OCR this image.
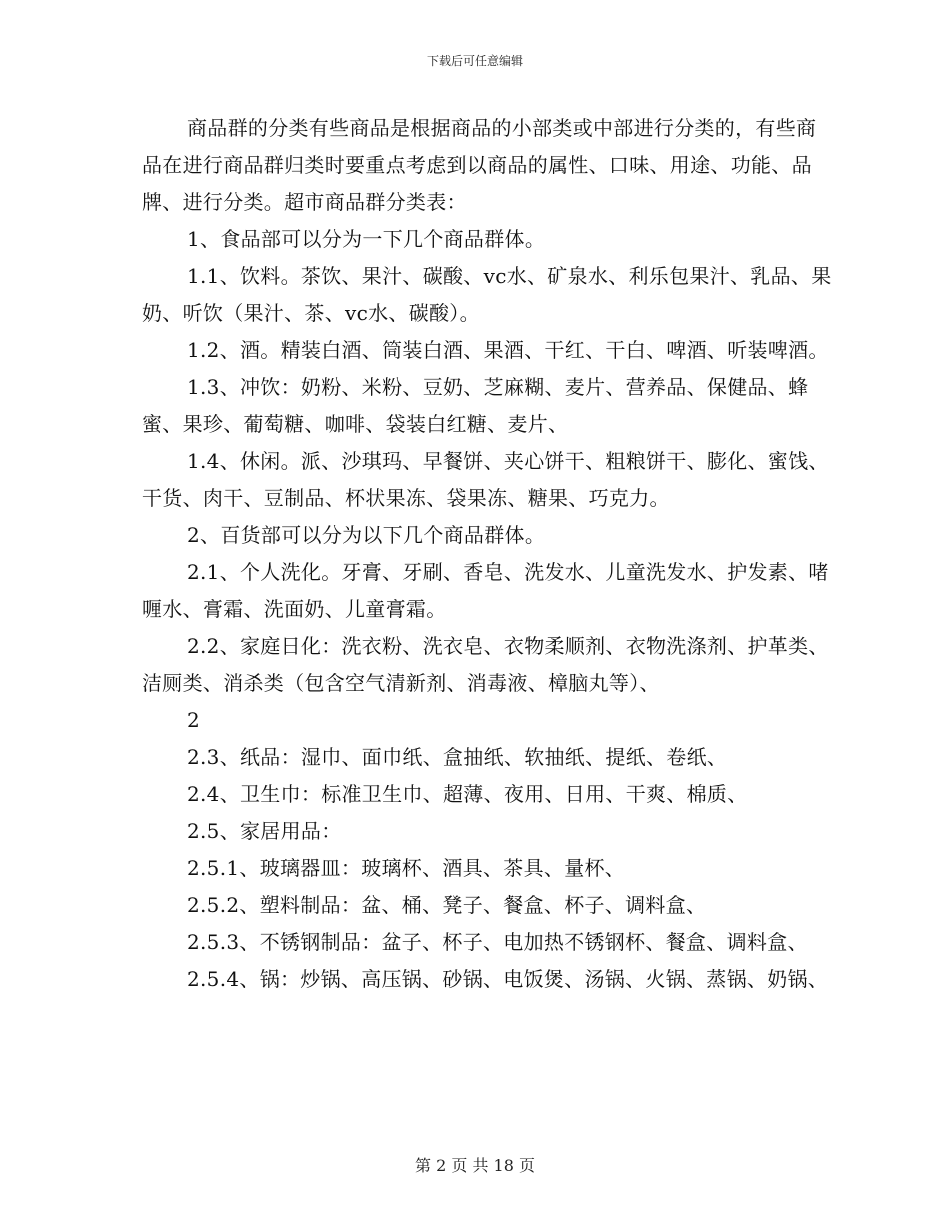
下载后可任意编辑

商品群的分类有些商品是根据商品的小部类或中部进行分类的，有些商品在进行商品群归类时要重点考虑到以商品的属性、口味、用途、功能、品牌、进行分类。超市商品群分类表：

1、食品部可以分为一下几个商品群体。

1.1、饮料。茶饮、果汁、碳酸、vc水、矿泉水、利乐包果汁、乳品、果奶、听饮（果汁、茶、vc水、碳酸）。

1.2、酒。精装白酒、筒装白酒、果酒、干红、干白、啤酒、听装啤酒。

1.3、冲饮：奶粉、米粉、豆奶、芝麻糊、麦片、营养品、保健品、蜂蜜、果珍、葡萄糖、咖啡、袋装白红糖、麦片、

1.4、休闲。派、沙琪玛、早餐饼、夹心饼干、粗粮饼干、膨化、蜜饯、干货、肉干、豆制品、杯状果冻、袋果冻、糖果、巧克力。

2、百货部可以分为以下几个商品群体。

2.1、个人洗化。牙膏、牙刷、香皂、洗发水、儿童洗发水、护发素、啫喱水、膏霜、洗面奶、儿童膏霜。

2.2、家庭日化：洗衣粉、洗衣皂、衣物柔顺剂、衣物洗涤剂、护革类、洁厕类、消杀类（包含空气清新剂、消毒液、樟脑丸等）、

2

2.3、纸品：湿巾、面巾纸、盒抽纸、软抽纸、提纸、卷纸、

2.4、卫生巾：标准卫生巾、超薄、夜用、日用、干爽、棉质、

2.5、家居用品：

2.5.1、玻璃器皿：玻璃杯、酒具、茶具、量杯、

2.5.2、塑料制品：盆、桶、凳子、餐盒、杯子、调料盒、

2.5.3、不锈钢制品：盆子、杯子、电加热不锈钢杯、餐盒、调料盒、

2.5.4、锅：炒锅、高压锅、砂锅、电饭煲、汤锅、火锅、蒸锅、奶锅、

第 2 页 共 18 页
